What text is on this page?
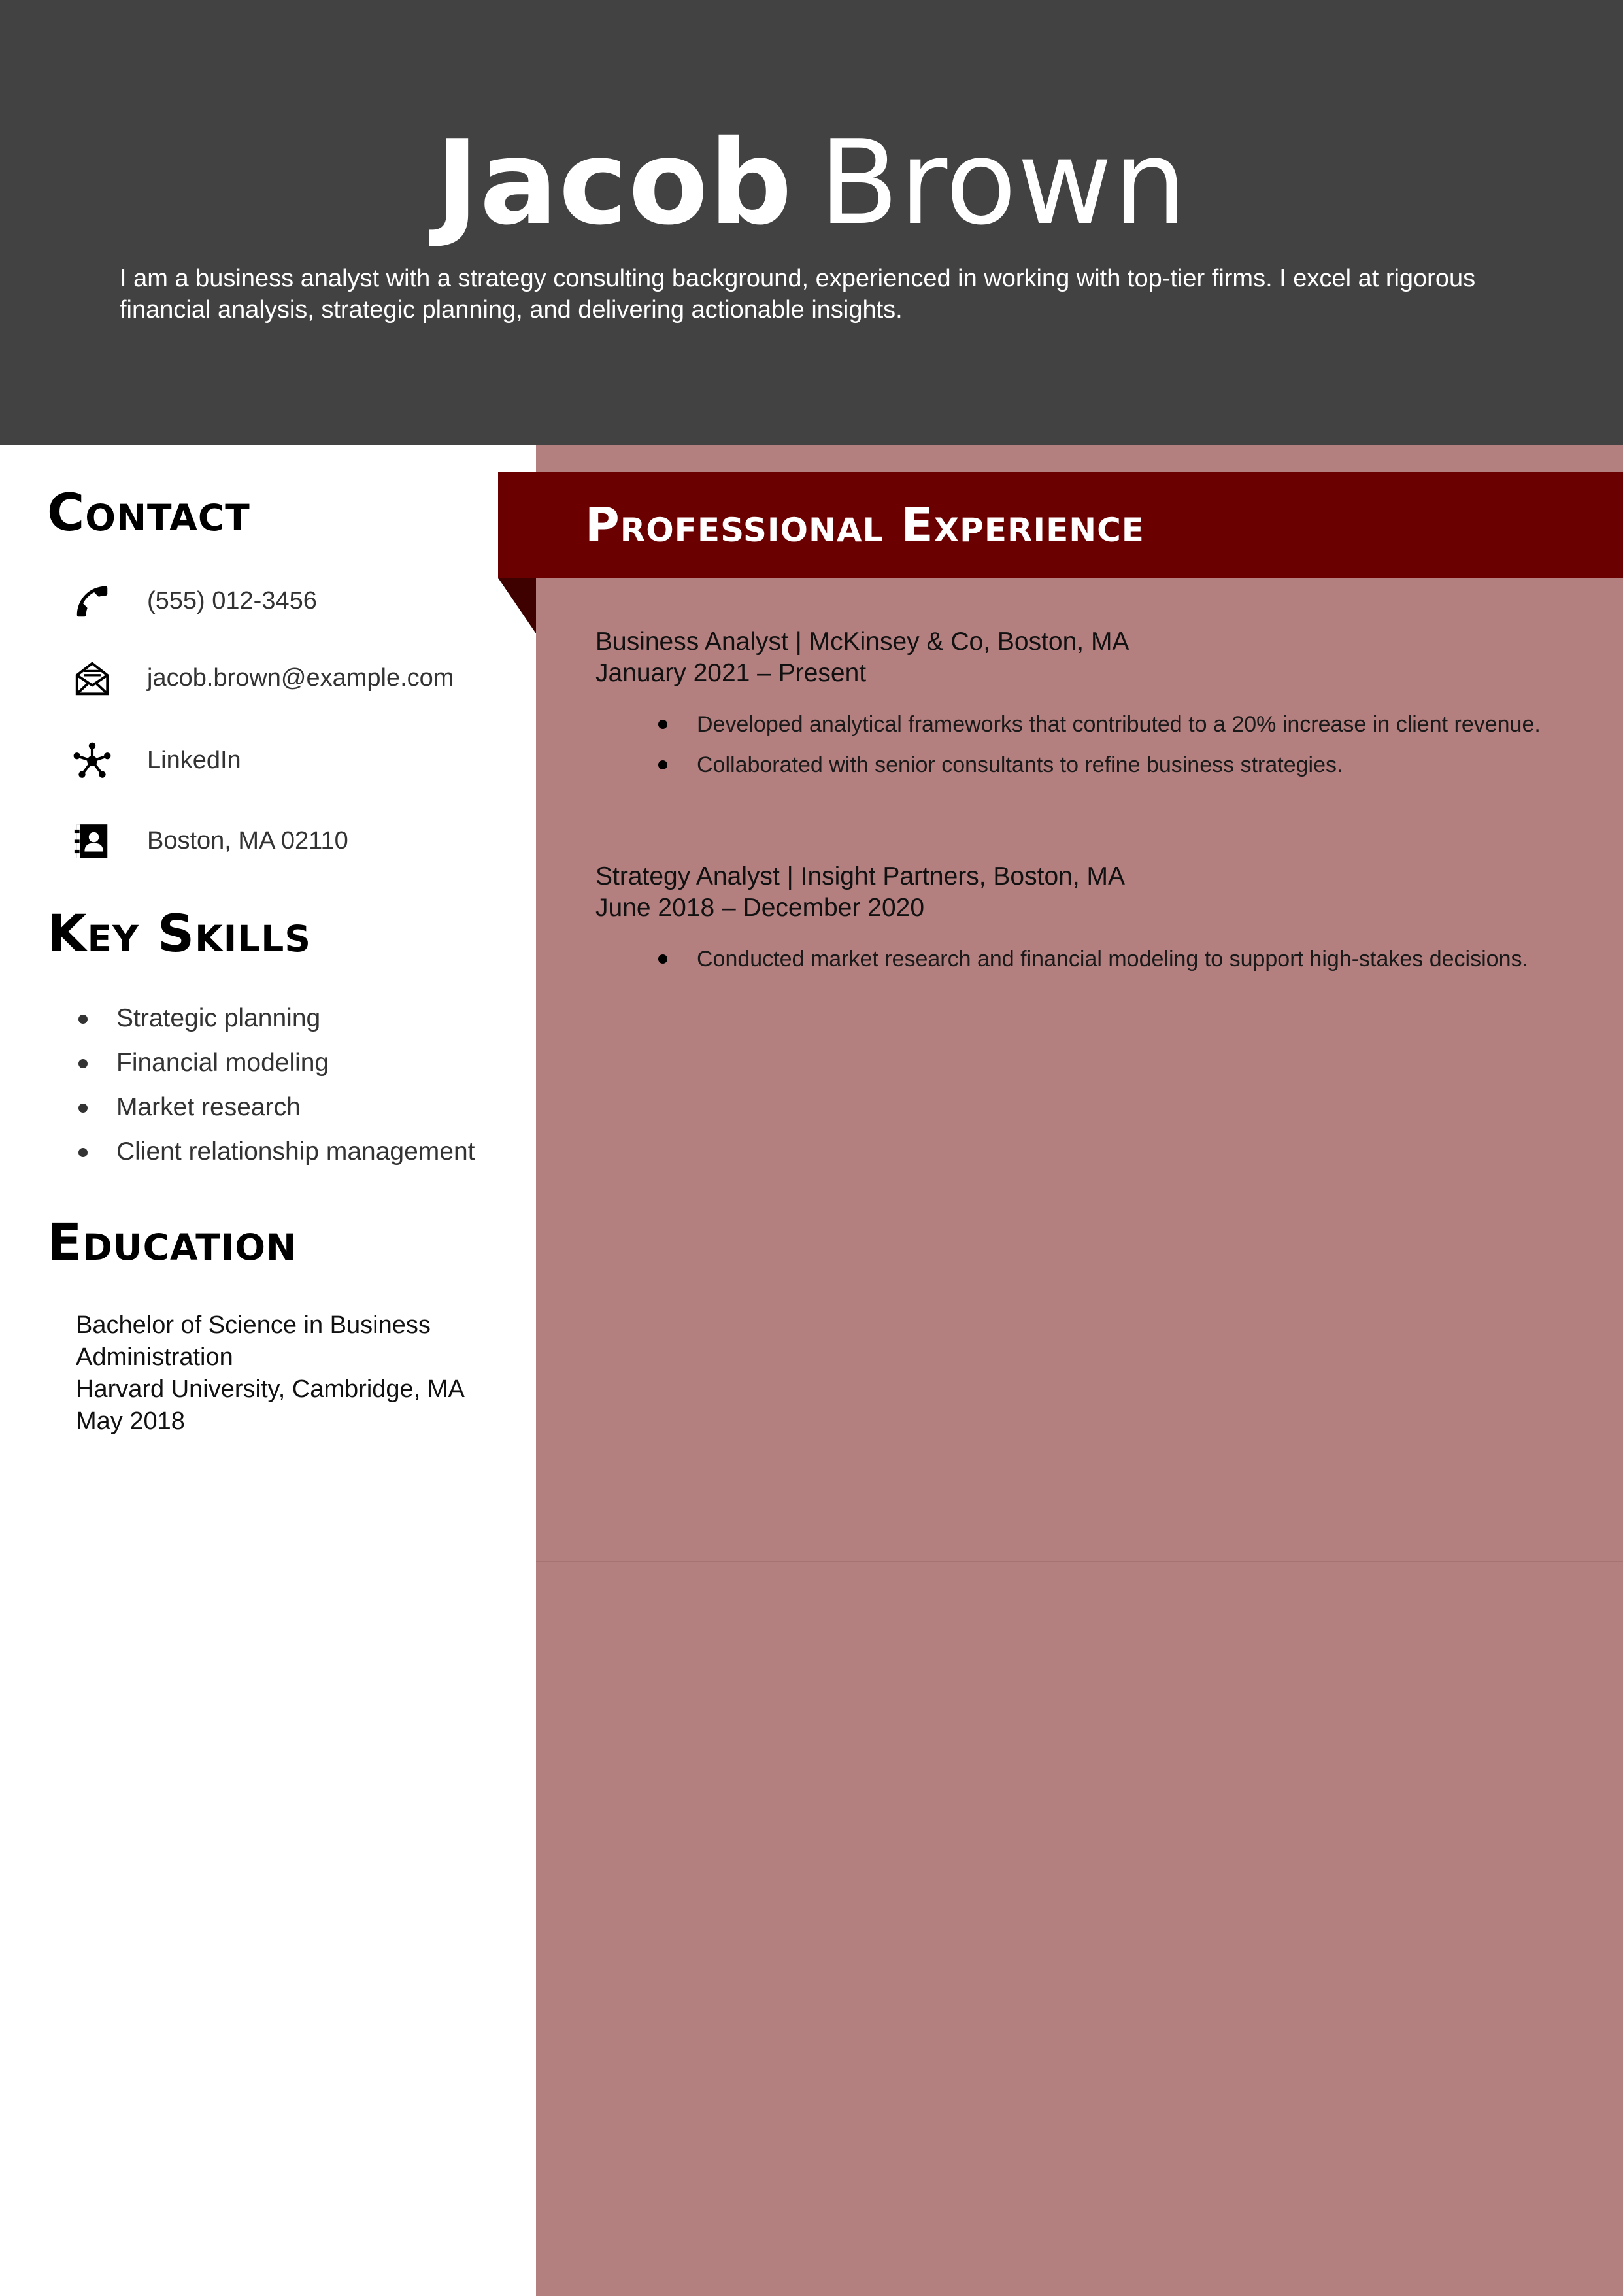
Jacob Brown
I am a business analyst with a strategy consulting background, experienced in working with top-tier firms. I excel at rigorous financial analysis, strategic planning, and delivering actionable insights.
Contact
(555) 012-3456
jacob.brown@example.com
LinkedIn
Boston, MA 02110
Key Skills
Strategic planning
Financial modeling
Market research
Client relationship management
Education
Bachelor of Science in Business
Administration
Harvard University, Cambridge, MA
May 2018
Professional Experience
Business Analyst | McKinsey & Co, Boston, MA
January 2021 – Present
Developed analytical frameworks that contributed to a 20% increase in client revenue.
Collaborated with senior consultants to refine business strategies.
Strategy Analyst | Insight Partners, Boston, MA
June 2018 – December 2020
Conducted market research and financial modeling to support high-stakes decisions.
